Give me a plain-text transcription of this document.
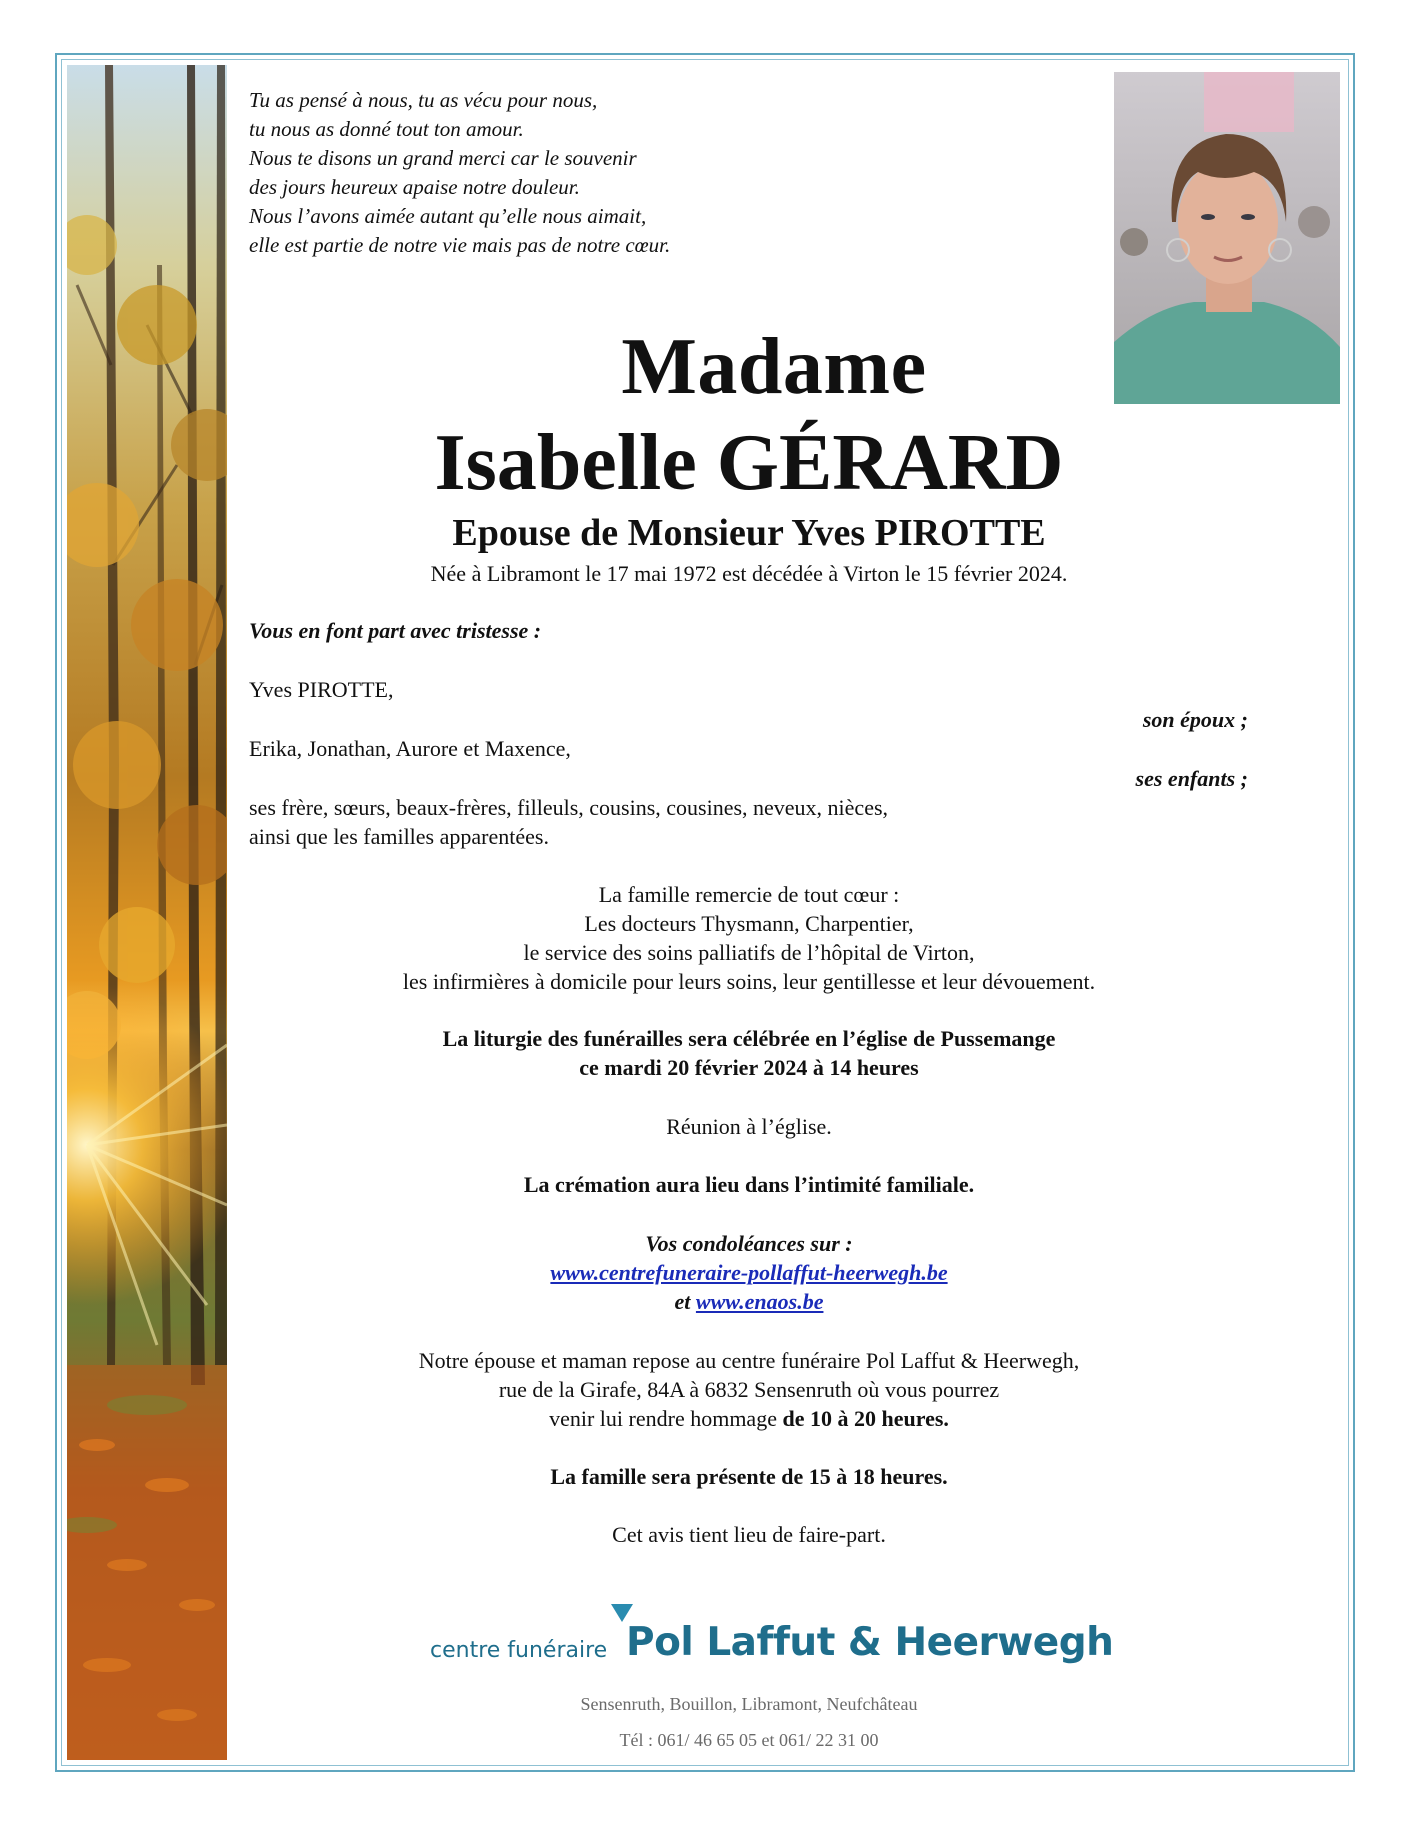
Tu as pensé à nous, tu as vécu pour nous,
tu nous as donné tout ton amour.
Nous te disons un grand merci car le souvenir
des jours heureux apaise notre douleur.
Nous l’avons aimée autant qu’elle nous aimait,
elle est partie de notre vie mais pas de notre cœur.
Madame
Isabelle GÉRARD
Epouse de Monsieur Yves PIROTTE
Née à Libramont le 17 mai 1972 est décédée à Virton le 15 février 2024.
Vous en font part avec tristesse :
Yves PIROTTE,
son époux ;
Erika, Jonathan, Aurore et Maxence,
ses enfants ;
ses frère, sœurs, beaux-frères, filleuls, cousins, cousines, neveux, nièces,
ainsi que les familles apparentées.
La famille remercie de tout cœur :
Les docteurs Thysmann, Charpentier,
le service des soins palliatifs de l’hôpital de Virton,
les infirmières à domicile pour leurs soins, leur gentillesse et leur dévouement.
La liturgie des funérailles sera célébrée en l’église de Pussemange
ce mardi 20 février 2024 à 14 heures
Réunion à l’église.
La crémation aura lieu dans l’intimité familiale.
Vos condoléances sur :
www.centrefuneraire-pollaffut-heerwegh.be
et www.enaos.be
Notre épouse et maman repose au centre funéraire Pol Laffut & Heerwegh,
rue de la Girafe, 84A à 6832 Sensenruth où vous pourrez
venir lui rendre hommage de 10 à 20 heures.
La famille sera présente de 15 à 18 heures.
Cet avis tient lieu de faire-part.
centre funéraire Pol Laffut & Heerwegh
Sensenruth, Bouillon, Libramont, Neufchâteau
Tél : 061/ 46 65 05 et 061/ 22 31 00
